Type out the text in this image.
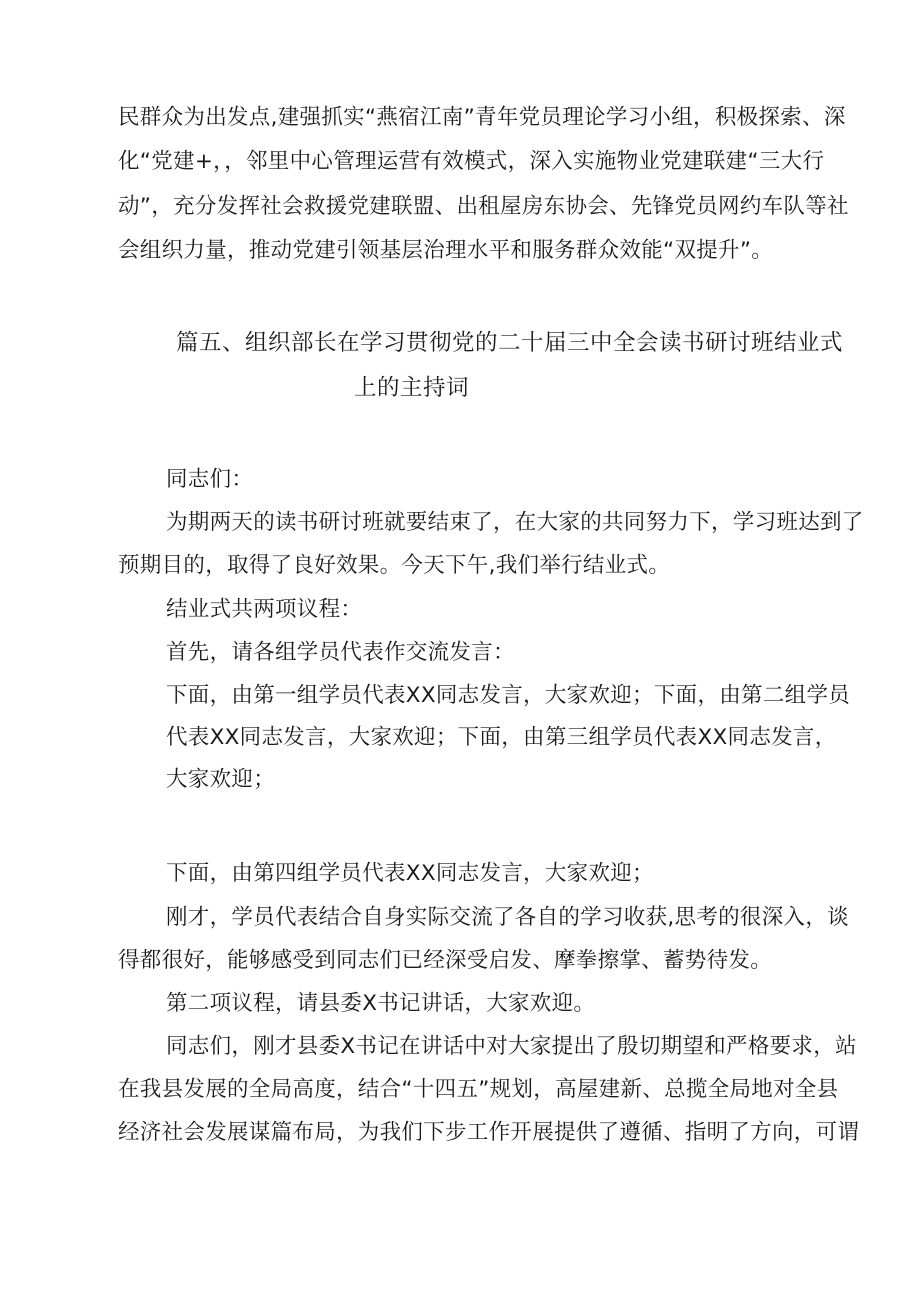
民群众为出发点,建强抓实“燕宿江南”青年党员理论学习小组，积极探索、深
化“党建+，，邻里中心管理运营有效模式，深入实施物业党建联建“三大行
动”，充分发挥社会救援党建联盟、出租屋房东协会、先锋党员网约车队等社
会组织力量，推动党建引领基层治理水平和服务群众效能“双提升”。
篇五、组织部长在学习贯彻党的二十届三中全会读书研讨班结业式
上的主持词
同志们：
为期两天的读书研讨班就要结束了，在大家的共同努力下，学习班达到了
预期目的，取得了良好效果。今天下午,我们举行结业式。
结业式共两项议程：
首先，请各组学员代表作交流发言：
下面，由第一组学员代表XX同志发言，大家欢迎；下面，由第二组学员
代表XX同志发言，大家欢迎；下面，由第三组学员代表XX同志发言，
大家欢迎；
下面，由第四组学员代表XX同志发言，大家欢迎；
刚才，学员代表结合自身实际交流了各自的学习收获,思考的很深入，谈
得都很好，能够感受到同志们已经深受启发、摩拳擦掌、蓄势待发。
第二项议程，请县委X书记讲话，大家欢迎。
同志们，刚才县委X书记在讲话中对大家提出了殷切期望和严格要求，站
在我县发展的全局高度，结合“十四五”规划，高屋建新、总揽全局地对全县
经济社会发展谋篇布局，为我们下步工作开展提供了遵循、指明了方向，可谓
